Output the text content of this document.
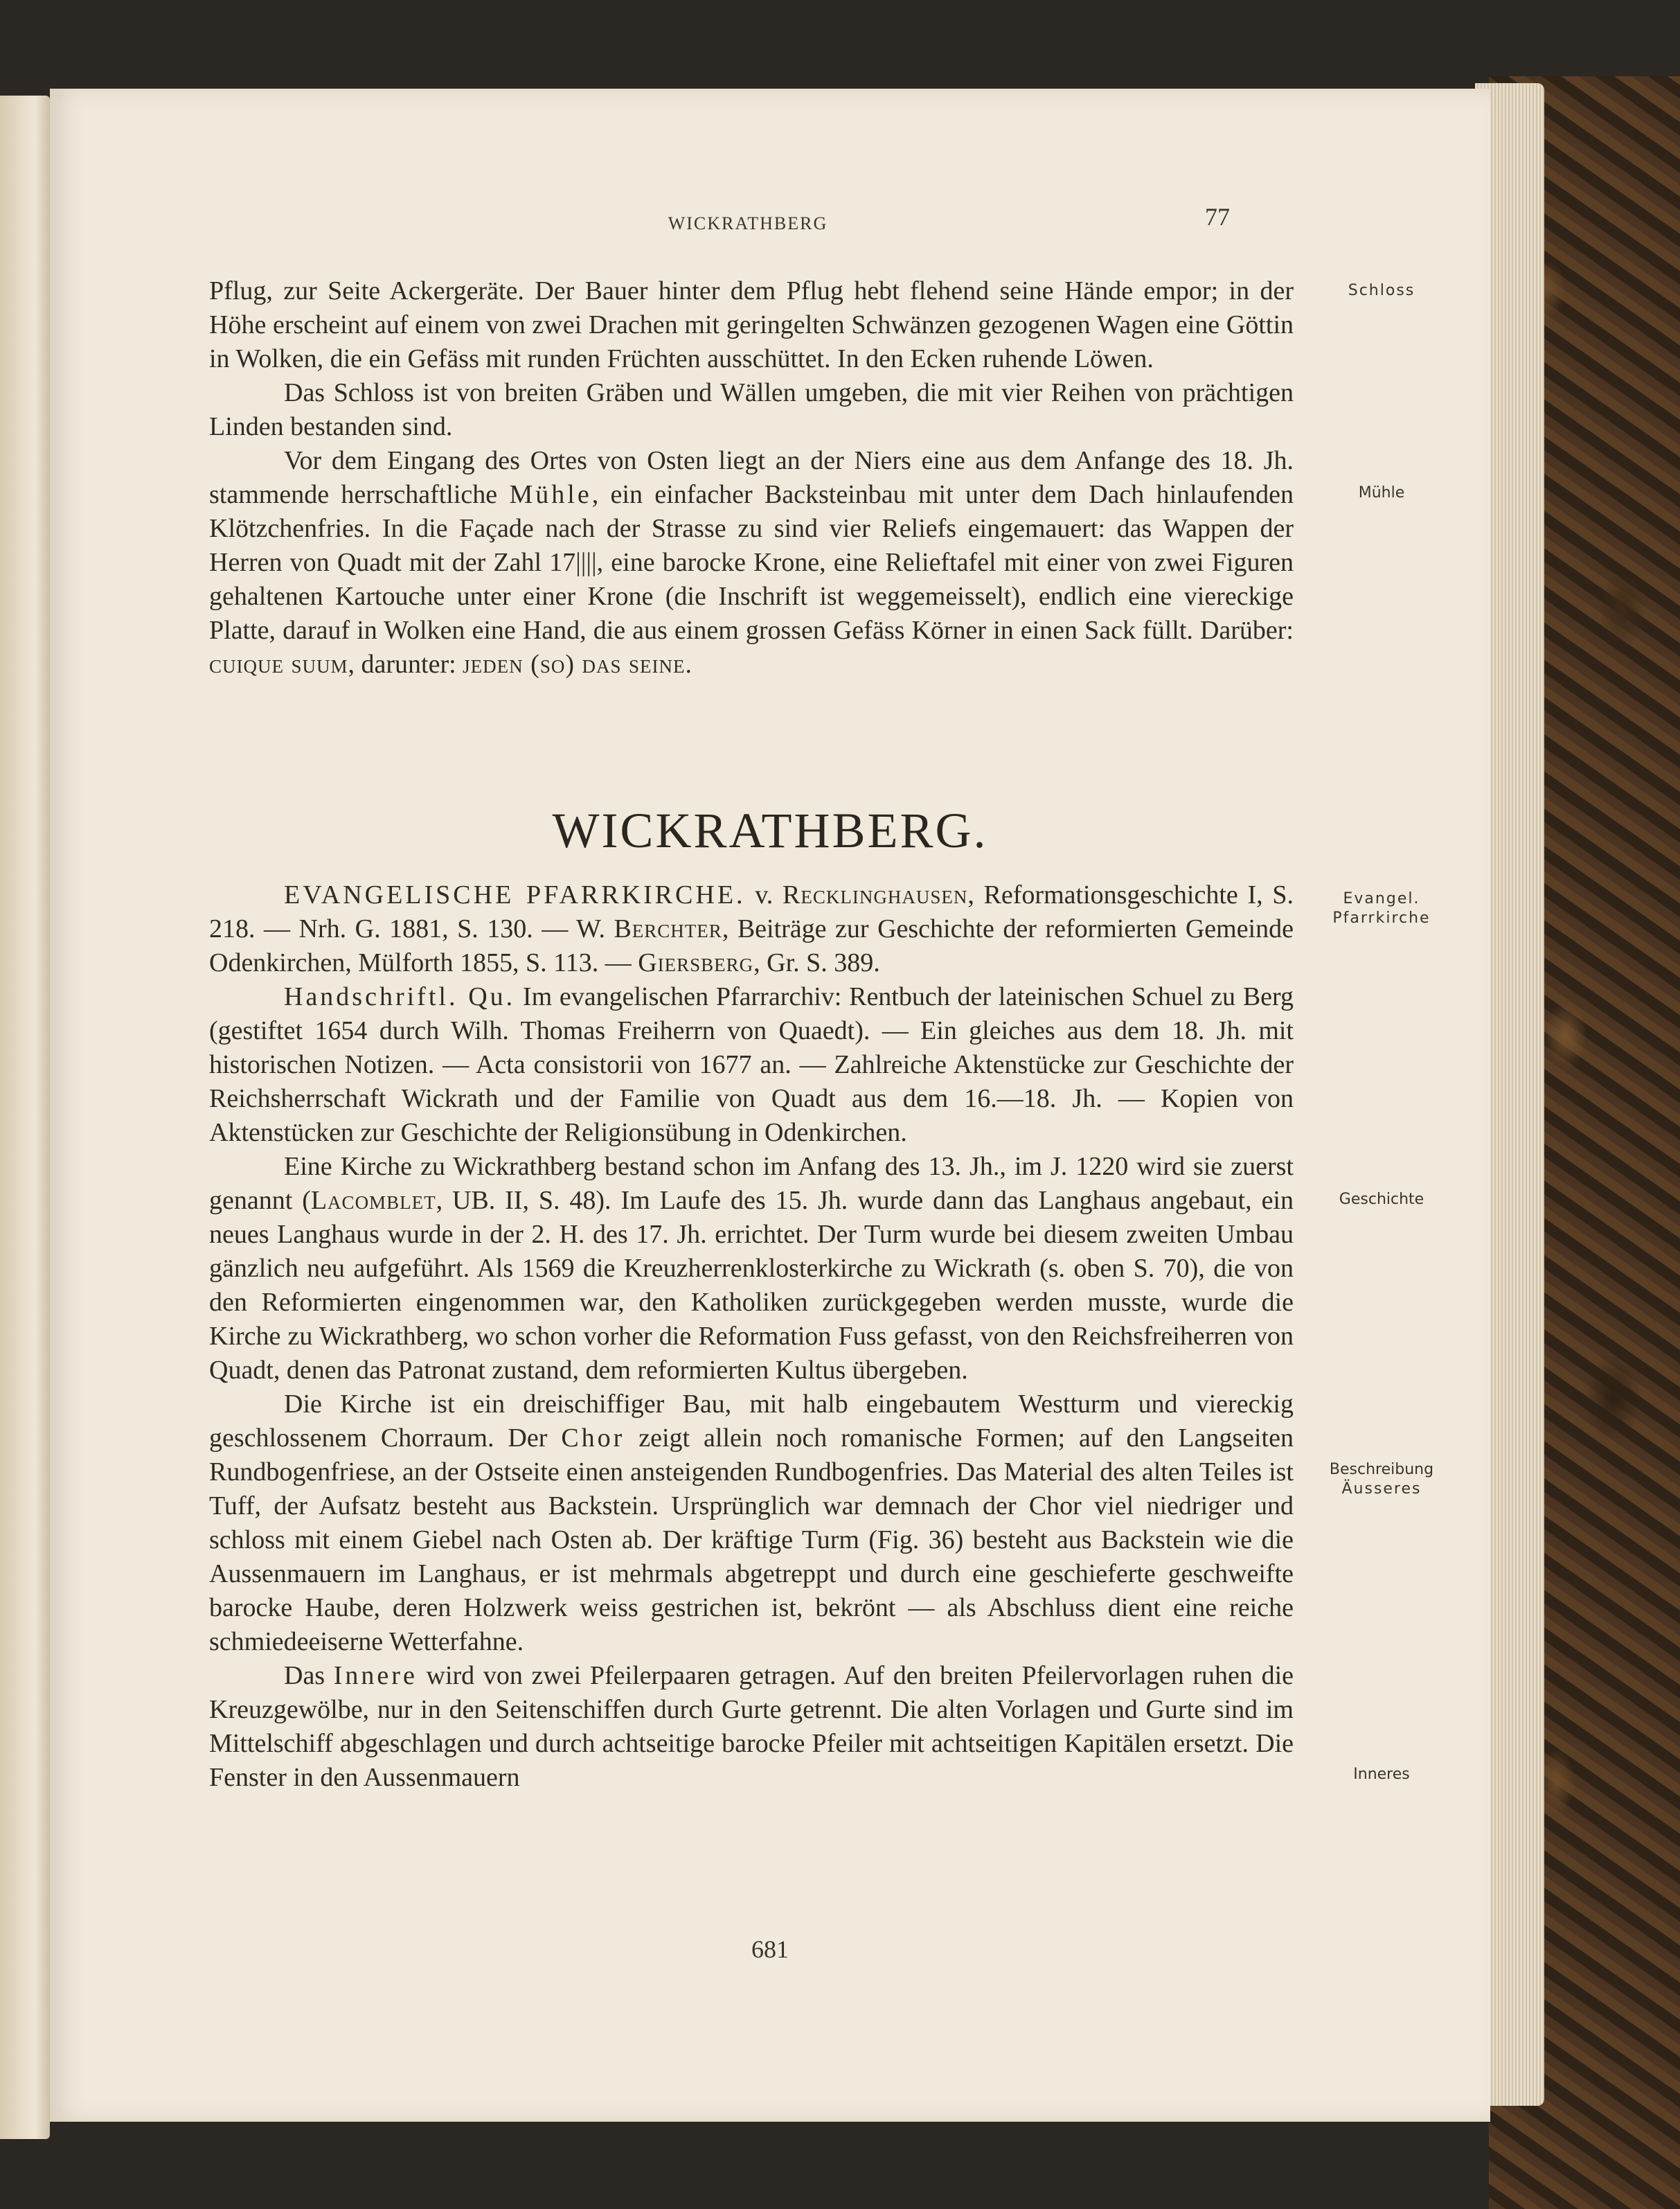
WICKRATHBERG	77

Pflug, zur Seite Ackergeräte. Der Bauer hinter dem Pflug hebt flehend seine Hände empor; in der Höhe erscheint auf einem von zwei Drachen mit geringelten Schwänzen gezogenen Wagen eine Göttin in Wolken, die ein Gefäss mit runden Früchten ausschüttet. In den Ecken ruhende Löwen.

Das Schloss ist von breiten Gräben und Wällen umgeben, die mit vier Reihen von prächtigen Linden bestanden sind.

Vor dem Eingang des Ortes von Osten liegt an der Niers eine aus dem Anfange des 18. Jh. stammende herrschaftliche Mühle, ein einfacher Backsteinbau mit unter dem Dach hinlaufenden Klötzchenfries. In die Façade nach der Strasse zu sind vier Reliefs eingemauert: das Wappen der Herren von Quadt mit der Zahl 17||||, eine barocke Krone, eine Relieftafel mit einer von zwei Figuren gehaltenen Kartouche unter einer Krone (die Inschrift ist weggemeisselt), endlich eine viereckige Platte, darauf in Wolken eine Hand, die aus einem grossen Gefäss Körner in einen Sack füllt. Darüber: cuique suum, darunter: jeden (so) das seine.

WICKRATHBERG.

EVANGELISCHE PFARRKIRCHE. v. Recklinghausen, Reformationsgeschichte I, S. 218. — Nrh. G. 1881, S. 130. — W. Berchter, Beiträge zur Geschichte der reformierten Gemeinde Odenkirchen, Mülforth 1855, S. 113. — Giersberg, Gr. S. 389.

Handschriftl. Qu. Im evangelischen Pfarrarchiv: Rentbuch der lateinischen Schuel zu Berg (gestiftet 1654 durch Wilh. Thomas Freiherrn von Quaedt). — Ein gleiches aus dem 18. Jh. mit historischen Notizen. — Acta consistorii von 1677 an. — Zahlreiche Aktenstücke zur Geschichte der Reichsherrschaft Wickrath und der Familie von Quadt aus dem 16.—18. Jh. — Kopien von Aktenstücken zur Geschichte der Religionsübung in Odenkirchen.

Eine Kirche zu Wickrathberg bestand schon im Anfang des 13. Jh., im J. 1220 wird sie zuerst genannt (Lacomblet, UB. II, S. 48). Im Laufe des 15. Jh. wurde dann das Langhaus angebaut, ein neues Langhaus wurde in der 2. H. des 17. Jh. errichtet. Der Turm wurde bei diesem zweiten Umbau gänzlich neu aufgeführt. Als 1569 die Kreuzherrenklosterkirche zu Wickrath (s. oben S. 70), die von den Reformierten eingenommen war, den Katholiken zurückgegeben werden musste, wurde die Kirche zu Wickrathberg, wo schon vorher die Reformation Fuss gefasst, von den Reichsfreiherren von Quadt, denen das Patronat zustand, dem reformierten Kultus übergeben.

Die Kirche ist ein dreischiffiger Bau, mit halb eingebautem Westturm und viereckig geschlossenem Chorraum. Der Chor zeigt allein noch romanische Formen; auf den Langseiten Rundbogenfriese, an der Ostseite einen ansteigenden Rundbogenfries. Das Material des alten Teiles ist Tuff, der Aufsatz besteht aus Backstein. Ursprünglich war demnach der Chor viel niedriger und schloss mit einem Giebel nach Osten ab. Der kräftige Turm (Fig. 36) besteht aus Backstein wie die Aussenmauern im Langhaus, er ist mehrmals abgetreppt und durch eine geschieferte geschweifte barocke Haube, deren Holzwerk weiss gestrichen ist, bekrönt — als Abschluss dient eine reiche schmiedeeiserne Wetterfahne.

Das Innere wird von zwei Pfeilerpaaren getragen. Auf den breiten Pfeilervorlagen ruhen die Kreuzgewölbe, nur in den Seitenschiffen durch Gurte getrennt. Die alten Vorlagen und Gurte sind im Mittelschiff abgeschlagen und durch achtseitige barocke Pfeiler mit achtseitigen Kapitälen ersetzt. Die Fenster in den Aussenmauern

Schloss
Mühle
Evangel.
Pfarrkirche
Geschichte
Beschreibung
Äusseres
Inneres
681
